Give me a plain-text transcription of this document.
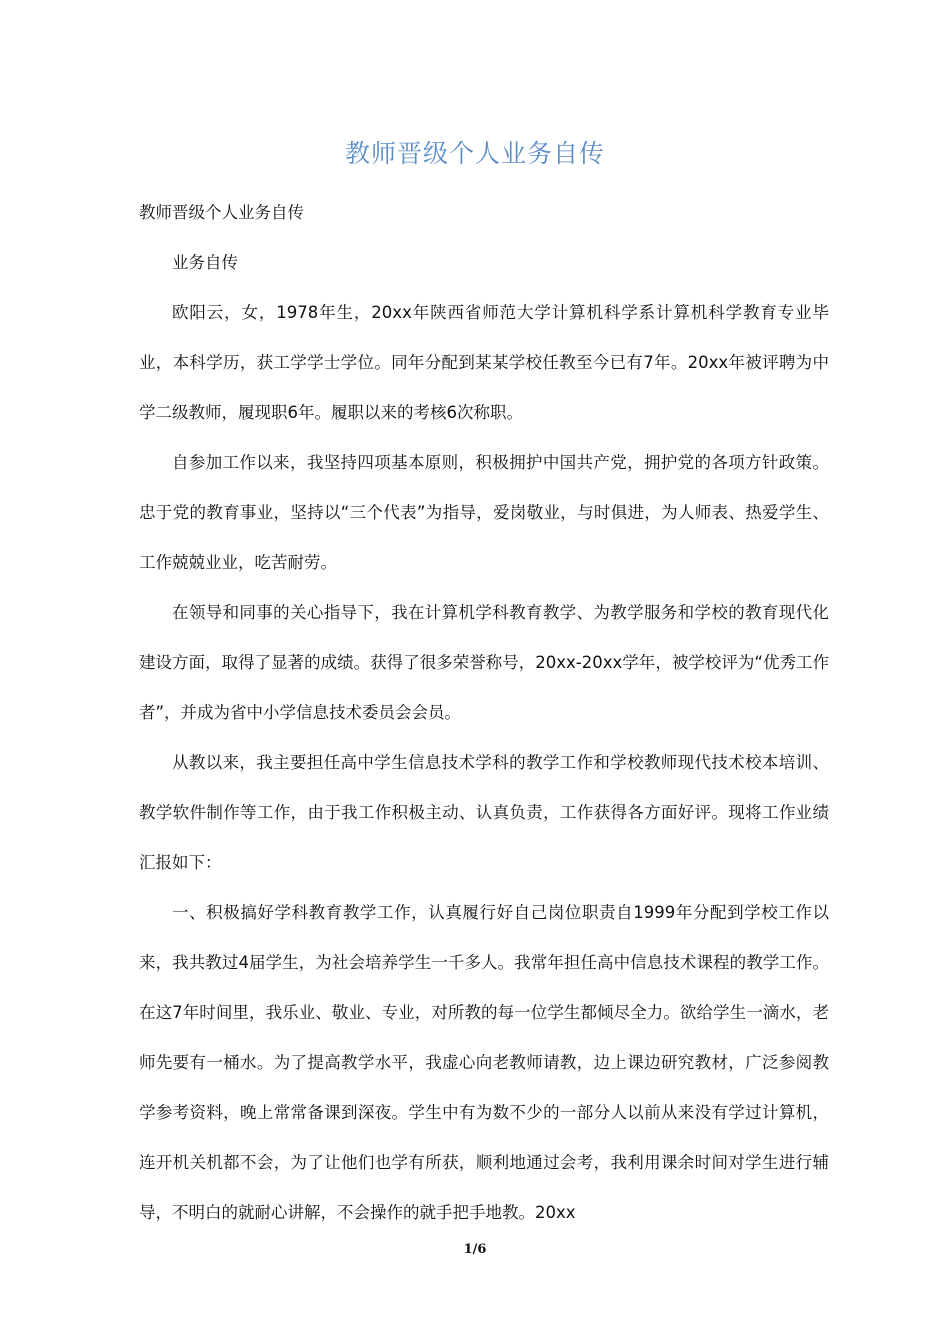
教师晋级个人业务自传

教师晋级个人业务自传

业务自传

欧阳云，女，1978年生，20xx年陕西省师范大学计算机科学系计算机科学教育专业毕业，本科学历，获工学学士学位。同年分配到某某学校任教至今已有7年。20xx年被评聘为中学二级教师，履现职6年。履职以来的考核6次称职。

自参加工作以来，我坚持四项基本原则，积极拥护中国共产党，拥护党的各项方针政策。忠于党的教育事业，坚持以“三个代表”为指导，爱岗敬业，与时俱进，为人师表、热爱学生、工作兢兢业业，吃苦耐劳。

在领导和同事的关心指导下，我在计算机学科教育教学、为教学服务和学校的教育现代化建设方面，取得了显著的成绩。获得了很多荣誉称号，20xx-20xx学年，被学校评为“优秀工作者”，并成为省中小学信息技术委员会会员。

从教以来，我主要担任高中学生信息技术学科的教学工作和学校教师现代技术校本培训、教学软件制作等工作，由于我工作积极主动、认真负责，工作获得各方面好评。现将工作业绩汇报如下：

一、积极搞好学科教育教学工作，认真履行好自己岗位职责自1999年分配到学校工作以来，我共教过4届学生，为社会培养学生一千多人。我常年担任高中信息技术课程的教学工作。在这7年时间里，我乐业、敬业、专业，对所教的每一位学生都倾尽全力。欲给学生一滴水，老师先要有一桶水。为了提高教学水平，我虚心向老教师请教，边上课边研究教材，广泛参阅教学参考资料，晚上常常备课到深夜。学生中有为数不少的一部分人以前从来没有学过计算机，连开机关机都不会，为了让他们也学有所获，顺利地通过会考，我利用课余时间对学生进行辅导，不明白的就耐心讲解，不会操作的就手把手地教。20xx

1/6
